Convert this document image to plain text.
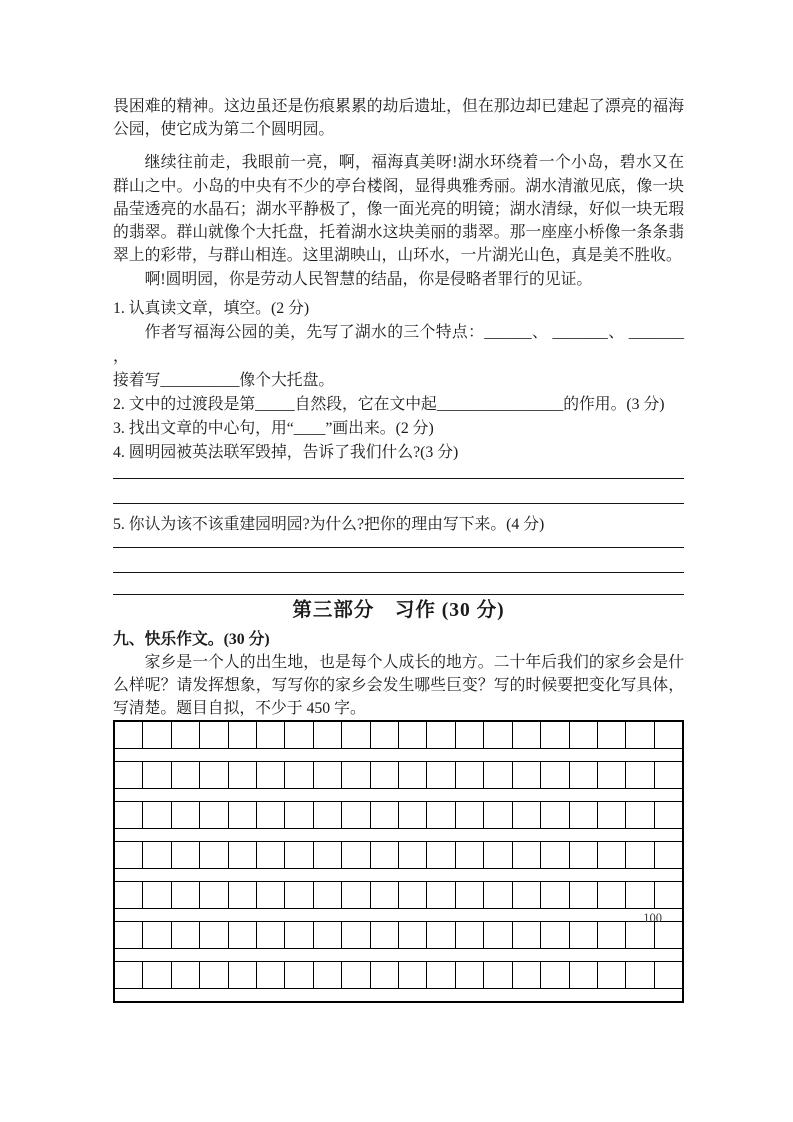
畏困难的精神。这边虽还是伤痕累累的劫后遗址，但在那边却已建起了漂亮的福海公园，使它成为第二个圆明园。

继续往前走，我眼前一亮，啊，福海真美呀!湖水环绕着一个小岛，碧水又在群山之中。小岛的中央有不少的亭台楼阁，显得典雅秀丽。湖水清澈见底，像一块晶莹透亮的水晶石；湖水平静极了，像一面光亮的明镜；湖水清绿，好似一块无瑕的翡翠。群山就像个大托盘，托着湖水这块美丽的翡翠。那一座座小桥像一条条翡翠上的彩带，与群山相连。这里湖映山，山环水，一片湖光山色，真是美不胜收。

啊!圆明园，你是劳动人民智慧的结晶，你是侵略者罪行的见证。

1. 认真读文章，填空。(2 分)
作者写福海公园的美，先写了湖水的三个特点：______、 _______、 _______ ，
接着写__________像个大托盘。
2. 文中的过渡段是第_____自然段，它在文中起________________的作用。(3 分)
3. 找出文章的中心句，用“____”画出来。(2 分)
4. 圆明园被英法联军毁掉，告诉了我们什么?(3 分)
5. 你认为该不该重建园明园?为什么?把你的理由写下来。(4 分)
第三部分　习作 (30 分)
九、快乐作文。(30 分)

家乡是一个人的出生地，也是每个人成长的地方。二十年后我们的家乡会是什么样呢？请发挥想象，写写你的家乡会发生哪些巨变？写的时候要把变化写具体，写清楚。题目自拟，不少于 450 字。

100
